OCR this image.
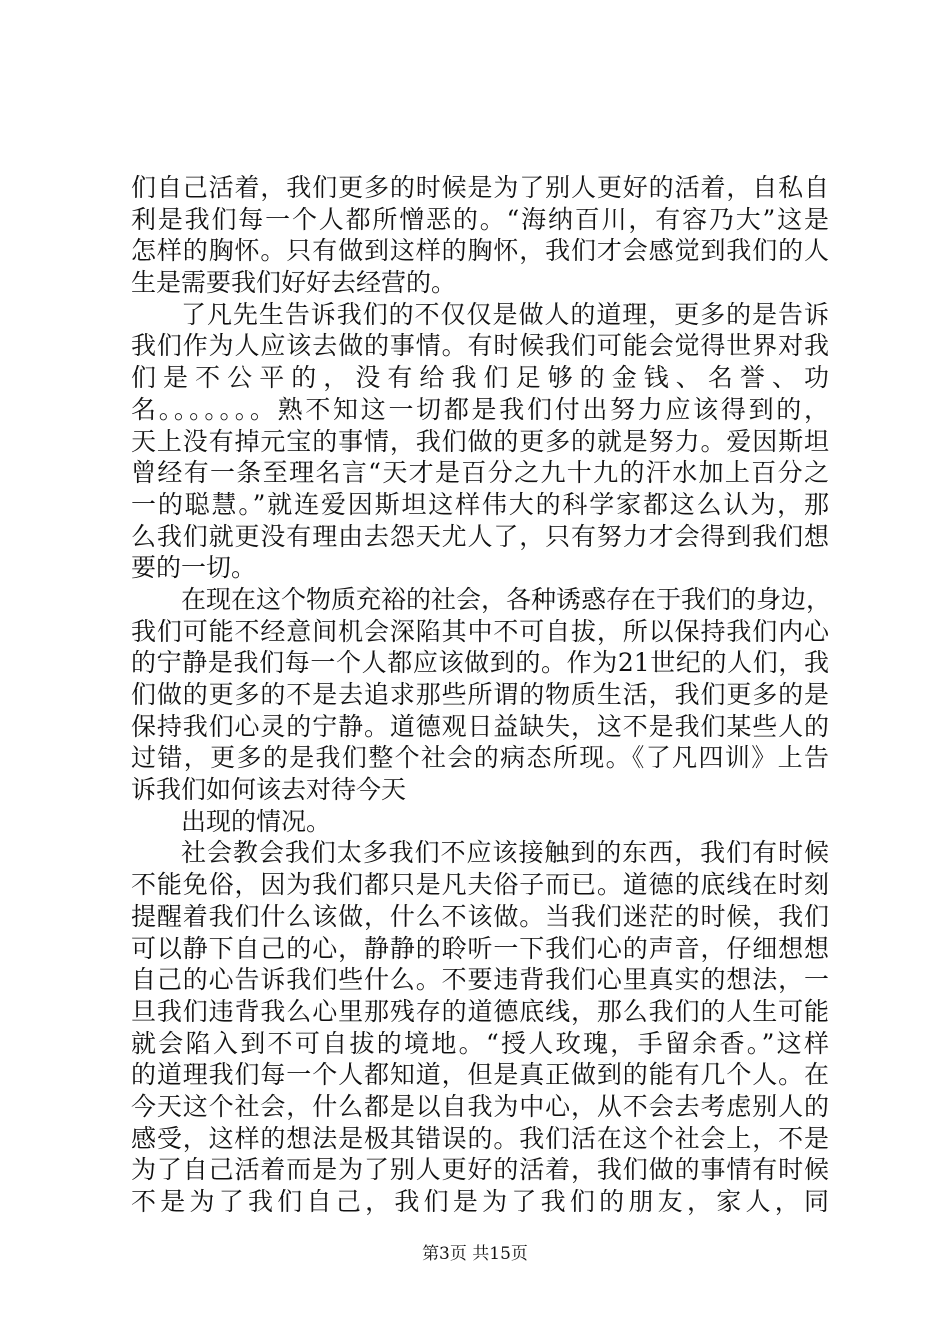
们自己活着，我们更多的时候是为了别人更好的活着，自私自
利是我们每一个人都所憎恶的。“海纳百川，有容乃大”这是
怎样的胸怀。只有做到这样的胸怀，我们才会感觉到我们的人
生是需要我们好好去经营的。
了凡先生告诉我们的不仅仅是做人的道理，更多的是告诉
我们作为人应该去做的事情。有时候我们可能会觉得世界对我
们是不公平的，没有给我们足够的金钱、名誉、功
名。。。。。。。熟不知这一切都是我们付出努力应该得到的，
天上没有掉元宝的事情，我们做的更多的就是努力。爱因斯坦
曾经有一条至理名言“天才是百分之九十九的汗水加上百分之
一的聪慧。”就连爱因斯坦这样伟大的科学家都这么认为，那
么我们就更没有理由去怨天尤人了，只有努力才会得到我们想
要的一切。
在现在这个物质充裕的社会，各种诱惑存在于我们的身边，
我们可能不经意间机会深陷其中不可自拔，所以保持我们内心
的宁静是我们每一个人都应该做到的。作为21世纪的人们，我
们做的更多的不是去追求那些所谓的物质生活，我们更多的是
保持我们心灵的宁静。道德观日益缺失，这不是我们某些人的
过错，更多的是我们整个社会的病态所现。《了凡四训》上告
诉我们如何该去对待今天
出现的情况。
社会教会我们太多我们不应该接触到的东西，我们有时候
不能免俗，因为我们都只是凡夫俗子而已。道德的底线在时刻
提醒着我们什么该做，什么不该做。当我们迷茫的时候，我们
可以静下自己的心，静静的聆听一下我们心的声音，仔细想想
自己的心告诉我们些什么。不要违背我们心里真实的想法，一
旦我们违背我么心里那残存的道德底线，那么我们的人生可能
就会陷入到不可自拔的境地。“授人玫瑰，手留余香。”这样
的道理我们每一个人都知道，但是真正做到的能有几个人。在
今天这个社会，什么都是以自我为中心，从不会去考虑别人的
感受，这样的想法是极其错误的。我们活在这个社会上，不是
为了自己活着而是为了别人更好的活着，我们做的事情有时候
不是为了我们自己，我们是为了我们的朋友，家人，同
第3页 共15页
